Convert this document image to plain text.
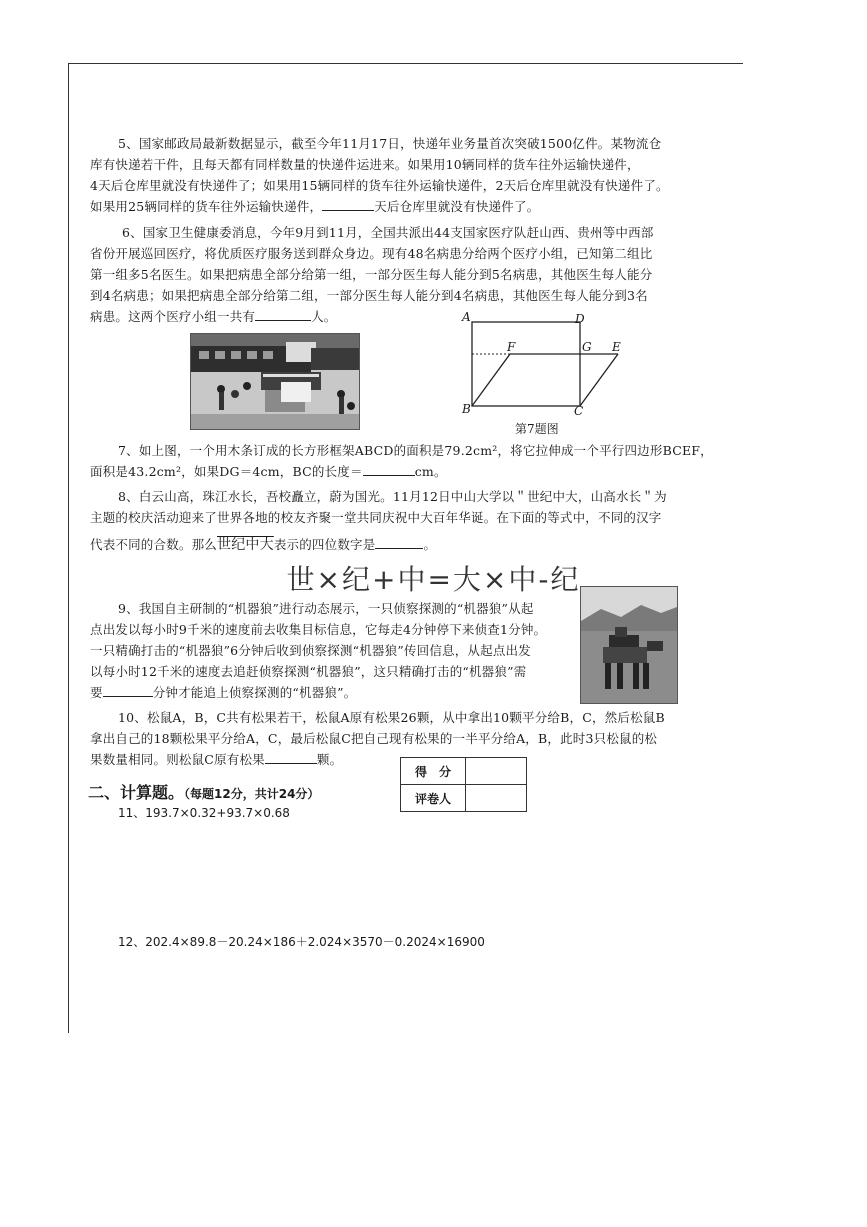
5、国家邮政局最新数据显示，截至今年11月17日，快递年业务量首次突破1500亿件。某物流仓
库有快递若干件，且每天都有同样数量的快递件运进来。如果用10辆同样的货车往外运输快递件，
4天后仓库里就没有快递件了；如果用15辆同样的货车往外运输快递件，2天后仓库里就没有快递件了。
如果用25辆同样的货车往外运输快递件，	天后仓库里就没有快递件了。
6、国家卫生健康委消息，今年9月到11月，全国共派出44支国家医疗队赶山西、贵州等中西部
省份开展巡回医疗，将优质医疗服务送到群众身边。现有48名病患分给两个医疗小组，已知第二组比
第一组多5名医生。如果把病患全部分给第一组，一部分医生每人能分到5名病患，其他医生每人能分
到4名病患；如果把病患全部分给第二组，一部分医生每人能分到4名病患，其他医生每人能分到3名
病患。这两个医疗小组一共有	人。	A	D
F	G E
B	C
第7题图
7、如上图，一个用木条订成的长方形框架ABCD的面积是79.2cm²，将它拉伸成一个平行四边形BCEF，
面积是43.2cm²，如果DG＝4cm，BC的长度＝	cm。
8、白云山高，珠江水长，吾校矗立，蔚为国光。11月12日中山大学以＂世纪中大，山高水长＂为
主题的校庆活动迎来了世界各地的校友齐聚一堂共同庆祝中大百年华诞。在下面的等式中，不同的汉字
代表不同的合数。那么世纪中大表示的四位数字是	。
世×纪+中=大×中-纪
9、我国自主研制的“机器狼”进行动态展示，一只侦察探测的“机器狼”从起
点出发以每小时9千米的速度前去收集目标信息，它每走4分钟停下来侦查1分钟。
一只精确打击的“机器狼”6分钟后收到侦察探测“机器狼”传回信息，从起点出发
以每小时12千米的速度去追赶侦察探测“机器狼”，这只精确打击的“机器狼”需
要	分钟才能追上侦察探测的“机器狼”。
10、松鼠A，B，C共有松果若干，松鼠A原有松果26颗，从中拿出10颗平分给B，C，然后松鼠B
拿出自己的18颗松果平分给A，C，最后松鼠C把自己现有松果的一半平分给A，B，此时3只松鼠的松
果数量相同。则松鼠C原有松果	颗。
得　分	
评卷人	
二、计算题。（每题12分，共计24分）
11、193.7×0.32+93.7×0.68
12、202.4×89.8－20.24×186＋2.024×3570－0.2024×16900
